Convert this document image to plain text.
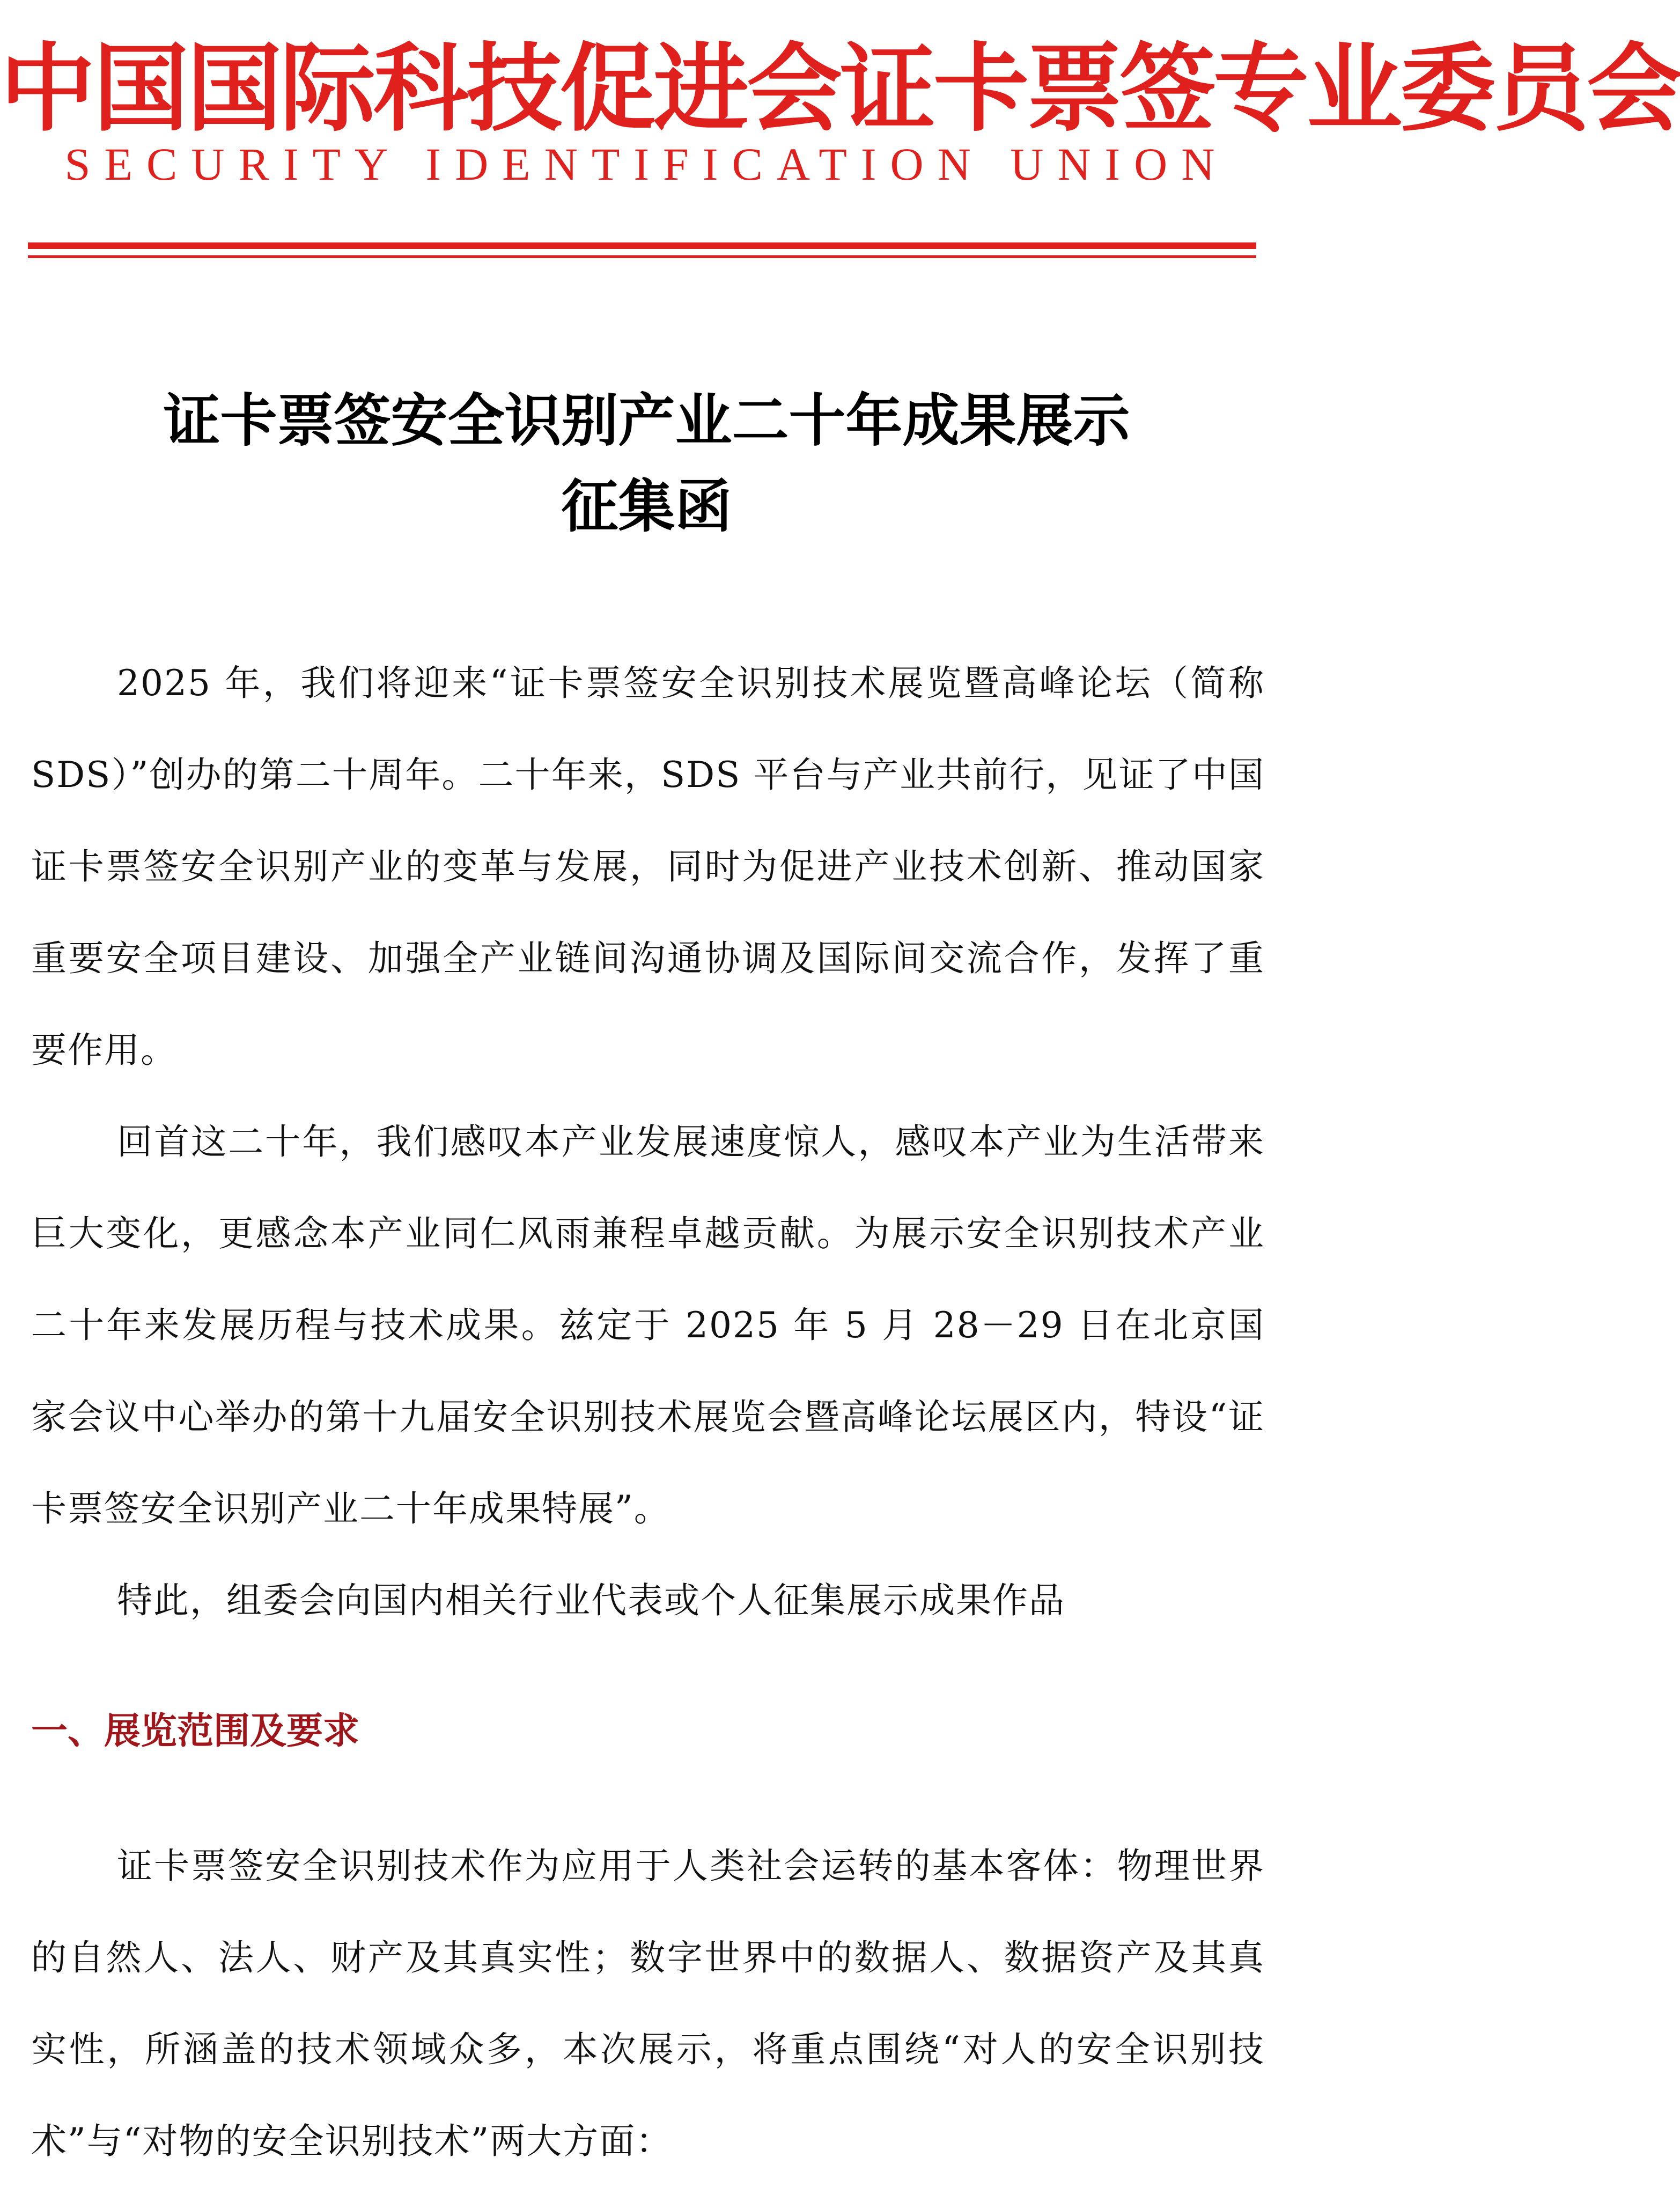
中国国际科技促进会证卡票签专业委员会
SECURITY IDENTIFICATION UNION
证卡票签安全识别产业二十年成果展示
征集函

2025 年，我们将迎来“证卡票签安全识别技术展览暨高峰论坛（简称 SDS）”创办的第二十周年。二十年来，SDS 平台与产业共前行，见证了中国证卡票签安全识别产业的变革与发展，同时为促进产业技术创新、推动国家重要安全项目建设、加强全产业链间沟通协调及国际间交流合作，发挥了重要作用。

回首这二十年，我们感叹本产业发展速度惊人，感叹本产业为生活带来巨大变化，更感念本产业同仁风雨兼程卓越贡献。为展示安全识别技术产业二十年来发展历程与技术成果。兹定于 2025 年 5 月 28－29 日在北京国家会议中心举办的第十九届安全识别技术展览会暨高峰论坛展区内，特设“证卡票签安全识别产业二十年成果特展”。

特此，组委会向国内相关行业代表或个人征集展示成果作品

一、展览范围及要求

证卡票签安全识别技术作为应用于人类社会运转的基本客体：物理世界的自然人、法人、财产及其真实性；数字世界中的数据人、数据资产及其真实性，所涵盖的技术领域众多，本次展示，将重点围绕“对人的安全识别技术”与“对物的安全识别技术”两大方面：
